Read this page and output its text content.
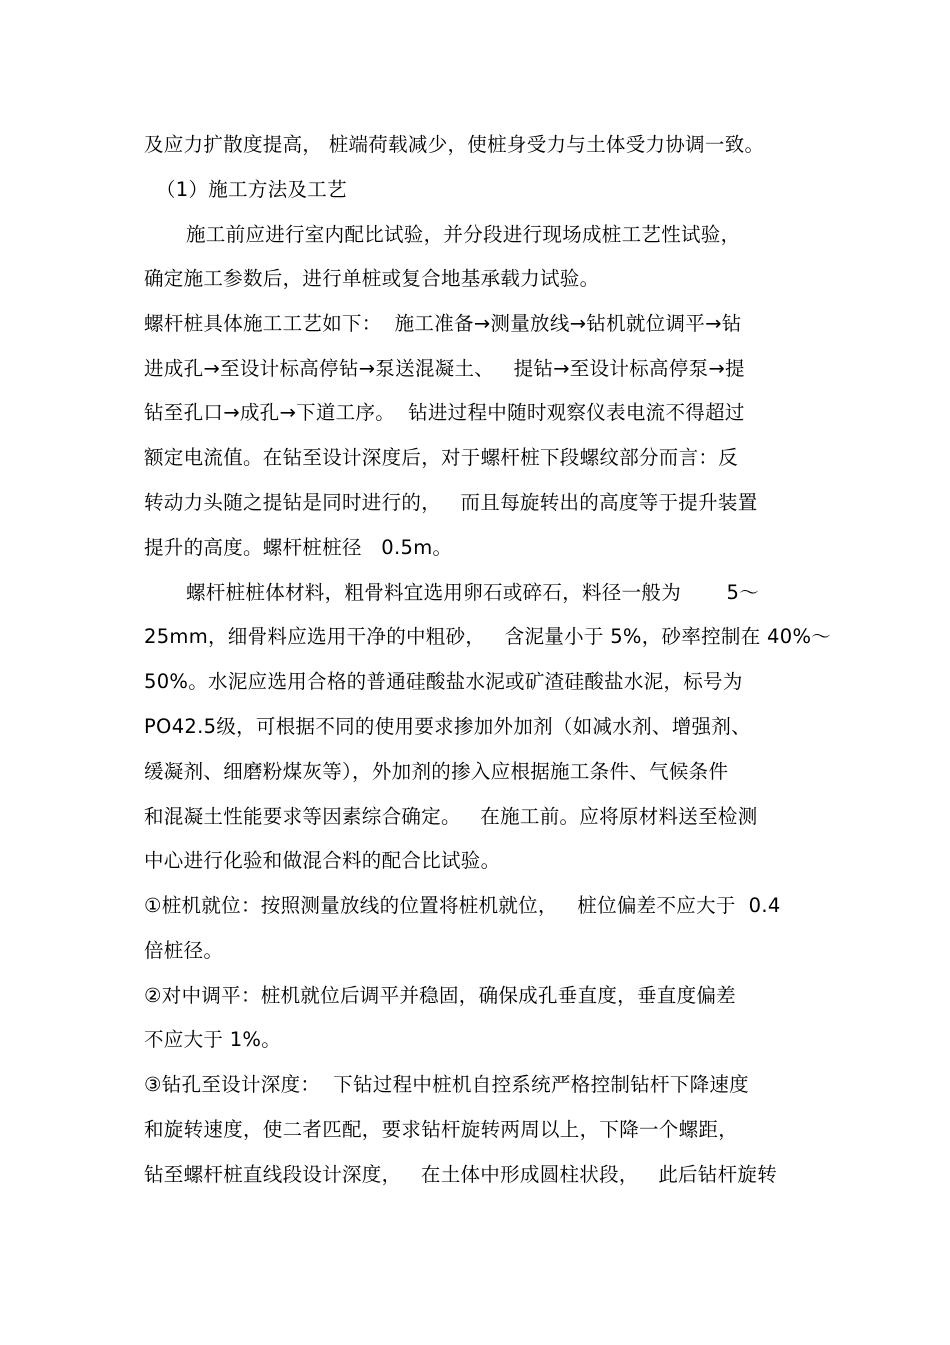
及应力扩散度提高， 桩端荷载减少，使桩身受力与土体受力协调一致。
（1）施工方法及工艺
施工前应进行室内配比试验，并分段进行现场成桩工艺性试验，
确定施工参数后，进行单桩或复合地基承载力试验。
螺杆桩具体施工工艺如下：  施工准备→测量放线→钻机就位调平→钻
进成孔→至设计标高停钻→泵送混凝土、   提钻→至设计标高停泵→提
钻至孔口→成孔→下道工序。  钻进过程中随时观察仪表电流不得超过
额定电流值。在钻至设计深度后，对于螺杆桩下段螺纹部分而言：反
转动力头随之提钻是同时进行的，   而且每旋转出的高度等于提升装置
提升的高度。螺杆桩桩径   0.5m。
螺杆桩桩体材料，粗骨料宜选用卵石或碎石，料径一般为       5～
25mm，细骨料应选用干净的中粗砂，   含泥量小于 5%，砂率控制在 40%～
50%。水泥应选用合格的普通硅酸盐水泥或矿渣硅酸盐水泥，标号为
PO42.5级，可根据不同的使用要求掺加外加剂（如减水剂、增强剂、
缓凝剂、细磨粉煤灰等），外加剂的掺入应根据施工条件、气候条件
和混凝土性能要求等因素综合确定。   在施工前。应将原材料送至检测
中心进行化验和做混合料的配合比试验。
①桩机就位：按照测量放线的位置将桩机就位，   桩位偏差不应大于  0.4
倍桩径。
②对中调平：桩机就位后调平并稳固，确保成孔垂直度，垂直度偏差
不应大于 1%。
③钻孔至设计深度：  下钻过程中桩机自控系统严格控制钻杆下降速度
和旋转速度，使二者匹配，要求钻杆旋转两周以上，下降一个螺距，
钻至螺杆桩直线段设计深度，   在土体中形成圆柱状段，   此后钻杆旋转
